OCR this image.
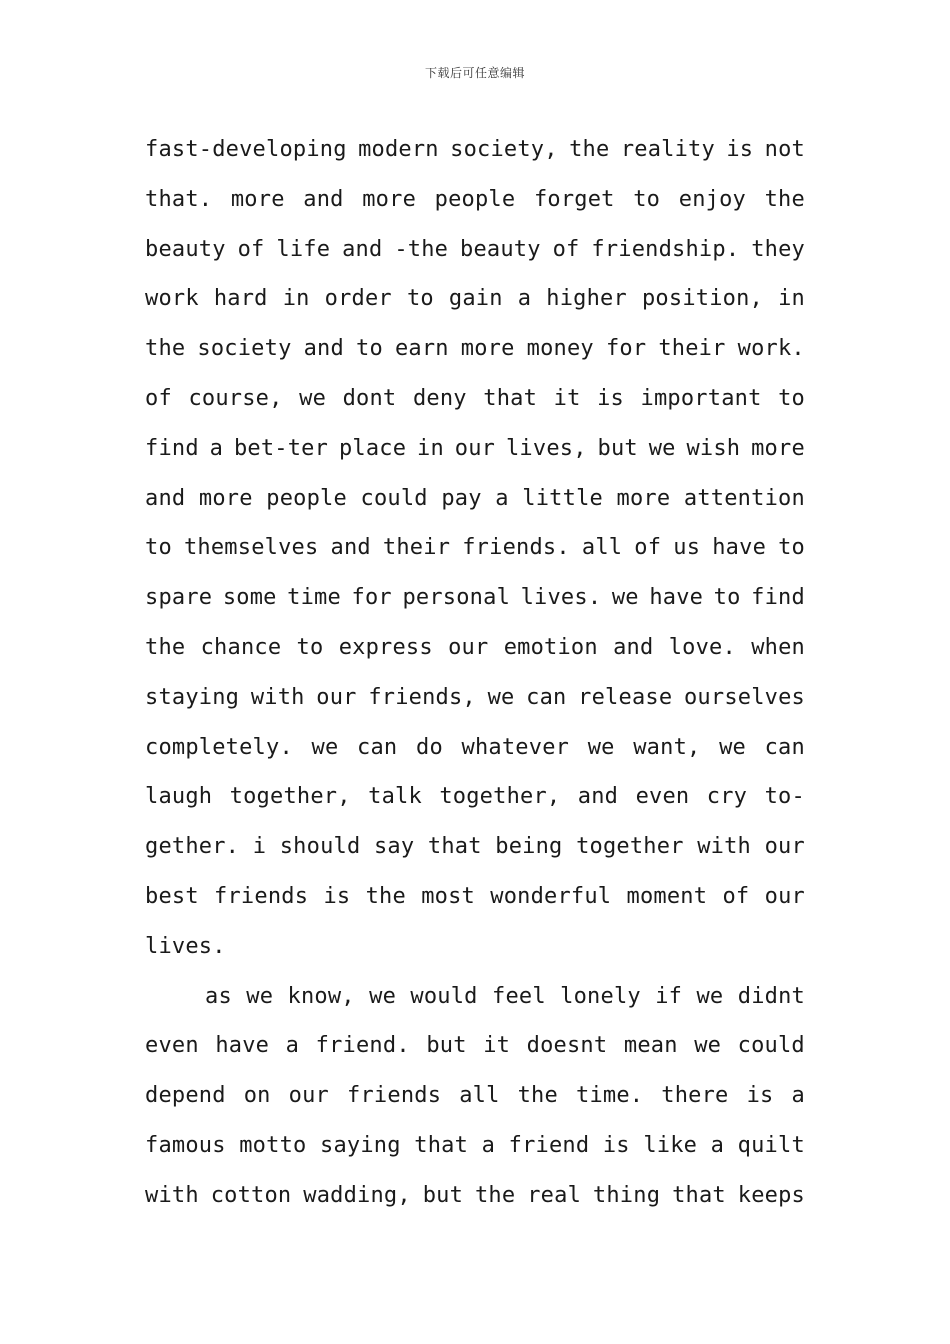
下载后可任意编辑
fast-developing modern society, the reality is not
that. more and more people forget to enjoy the
beauty of life and -the beauty of friendship. they
work hard in order to gain a higher position, in
the society and to earn more money for their work.
of course, we dont deny that it is important to
find a bet-ter place in our lives, but we wish more
and more people could pay a little more attention
to themselves and their friends. all of us have to
spare some time for personal lives. we have to find
the chance to express our emotion and love. when
staying with our friends, we can release ourselves
completely. we can do whatever we want, we can
laugh together, talk together, and even cry to-
gether. i should say that being together with our
best friends is the most wonderful moment of our
lives.
as we know, we would feel lonely if we didnt
even have a friend. but it doesnt mean we could
depend on our friends all the time. there is a
famous motto saying that a friend is like a quilt
with cotton wadding, but the real thing that keeps
